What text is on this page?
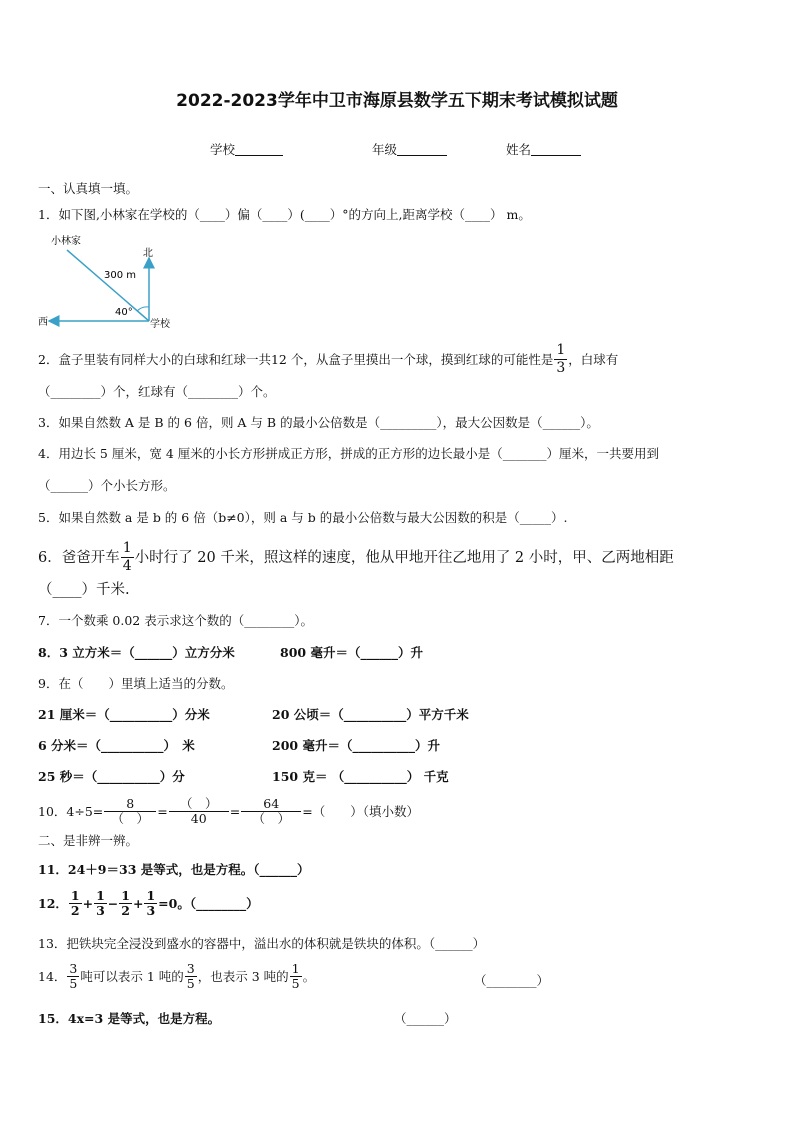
2022-2023学年中卫市海原县数学五下期末考试模拟试题
学校	年级	姓名
一、认真填一填。
1．如下图,小林家在学校的（____）偏（____）(____）°的方向上,距离学校（____） m。
小林家
北
西	学校
300 m
40°
2． 盒子里装有同样大小的白球和红球一共12 个，从盒子里摸出一个球，摸到红球的可能性是
1
3
，白球有
（________）个，红球有（________）个。
3．如果自然数 A 是 B 的 6 倍，则 A 与 B 的最小公倍数是（_________），最大公因数是（______）。
4．用边长 5 厘米，宽 4 厘米的小长方形拼成正方形，拼成的正方形的边长最小是（_______）厘米，一共要用到
（______）个小长方形。
5．如果自然数 a 是 b 的 6 倍（b≠0），则 a 与 b 的最小公倍数与最大公因数的积是（_____）.
6． 爸爸开车
1
4
小时行了 20 千米，照这样的速度，他从甲地开往乙地用了 2 小时，甲、乙两地相距
（____）千米.
7．一个数乘 0.02 表示求这个数的（________）。
8．3 立方米＝（______）立方分米	800 毫升＝（______）升
9．在（　　）里填上适当的分数。
21 厘米＝（__________）分米	20 公顷＝（__________）平方千米
6 分米＝（__________）　米	200 毫升＝（__________）升
25 秒＝（__________）分	150 克＝ （__________） 千克
10． 4÷5=	8
（　） = （　）
40	=	64
（　） =（　　）（填小数）
二、是非辨一辨。
11．24＋9＝33 是等式，也是方程。（______）
12． 1
$2 + \frac{1}{3} - \frac{1}{2} + \frac{1}{3} =0$。（________）
13．把铁块完全浸没到盛水的容器中，溢出水的体积就是铁块的体积。（______）
14． 3
5 吨可以表示 1 吨的 3
5 ，也表示 3 吨的 1
5 。	（________）
15．4x=3 是等式，也是方程。	（______）
